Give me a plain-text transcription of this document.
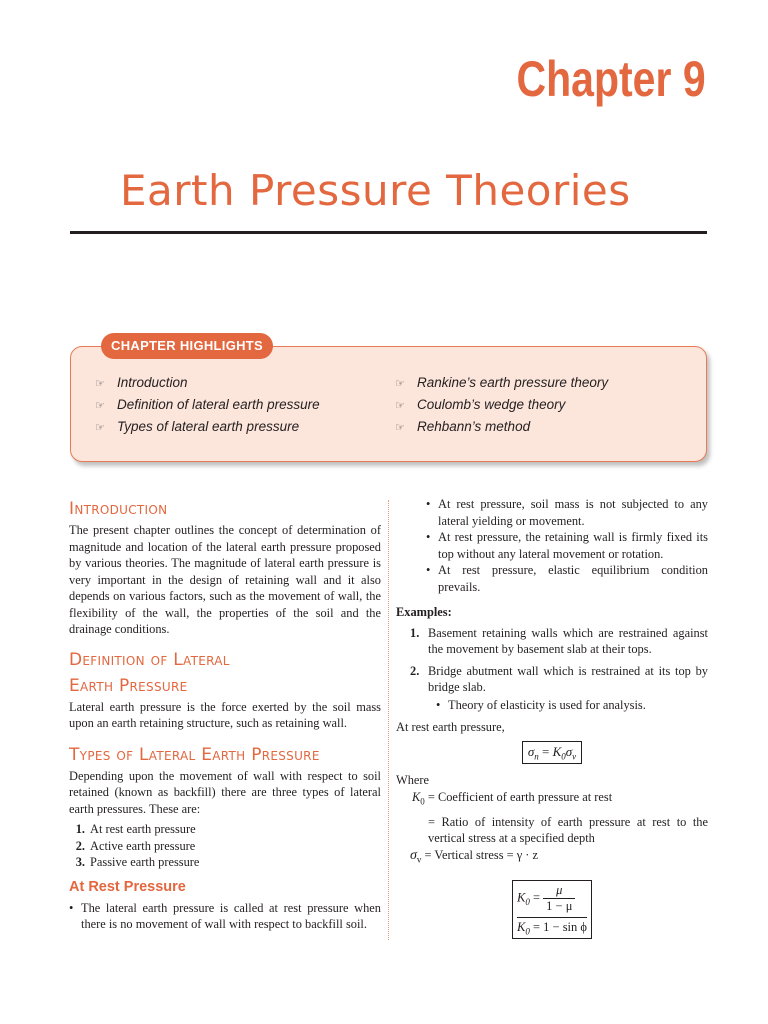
Chapter 9
Earth Pressure Theories
CHAPTER HIGHLIGHTS
☞ Introduction
☞ Definition of lateral earth pressure
☞ Types of lateral earth pressure
☞ Rankine’s earth pressure theory
☞ Coulomb’s wedge theory
☞ Rehbann’s method
Introduction

The present chapter outlines the concept of determination of magnitude and location of the lateral earth pressure proposed by various theories. The magnitude of lateral earth pressure is very important in the design of retaining wall and it also depends on various factors, such as the movement of wall, the flexibility of the wall, the properties of the soil and the drainage conditions.

Definition of Lateral
Earth Pressure

Lateral earth pressure is the force exerted by the soil mass upon an earth retaining structure, such as retaining wall.

Types of Lateral Earth Pressure

Depending upon the movement of wall with respect to soil retained (known as backfill) there are three types of lateral earth pressures. These are:

1. At rest earth pressure
2. Active earth pressure
3. Passive earth pressure
At Rest Pressure
• The lateral earth pressure is called at rest pressure when there is no movement of wall with respect to backfill soil.
• At rest pressure, soil mass is not subjected to any lateral yielding or movement.
• At rest pressure, the retaining wall is firmly fixed its top without any lateral movement or rotation.
• At rest pressure, elastic equilibrium condition prevails.
Examples:
1. Basement retaining walls which are restrained against the movement by basement slab at their tops.
2. Bridge abutment wall which is restrained at its top by bridge slab.
• Theory of elasticity is used for analysis.
At rest earth pressure,
$\sigma_n = K_0\sigma_v$
Where
$K_0$ = Coefficient of earth pressure at rest
= Ratio of intensity of earth pressure at rest to the vertical stress at a specified depth
$\sigma_v$ = Vertical stress = γ · z
$\frac{K_0 = \frac{\mu}{1 - \mu}}{K_0 = 1 - \sin \phi}$
